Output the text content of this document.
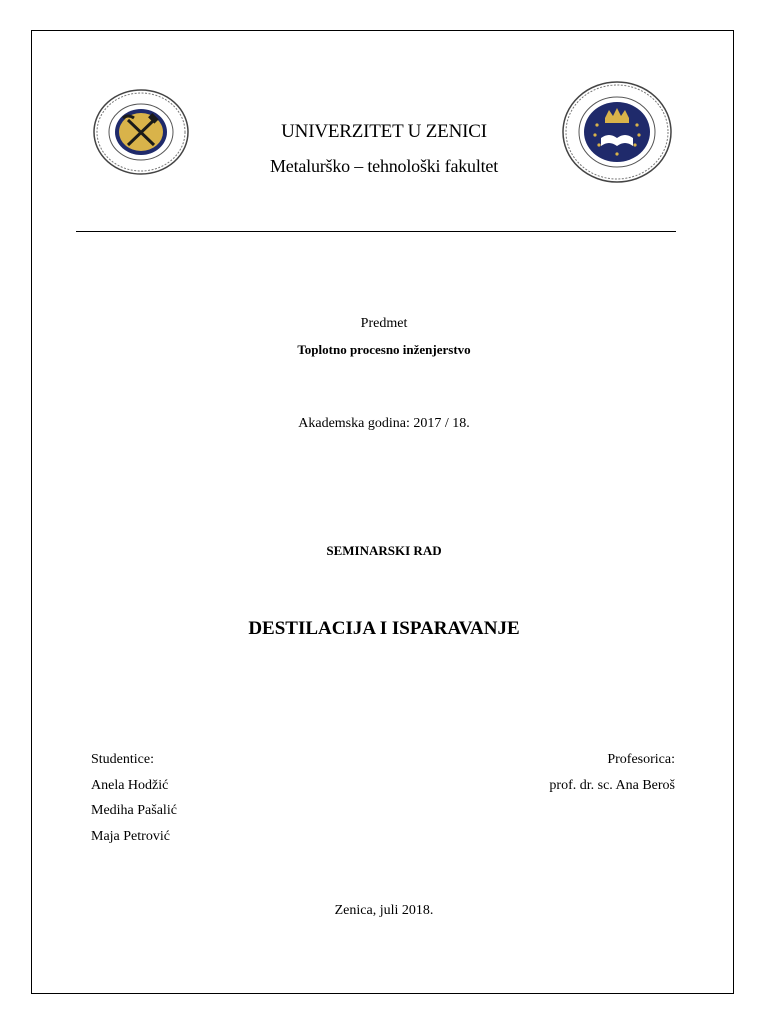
UNIVERZITET U ZENICI
Metalurško – tehnološki fakultet
Predmet
Toplotno procesno inženjerstvo
Akademska godina: 2017 / 18.
SEMINARSKI RAD
DESTILACIJA I ISPARAVANJE
Studentice:
Anela Hodžić
Mediha Pašalić
Maja Petrović
Profesorica:
prof. dr. sc. Ana Beroš
Zenica, juli 2018.
